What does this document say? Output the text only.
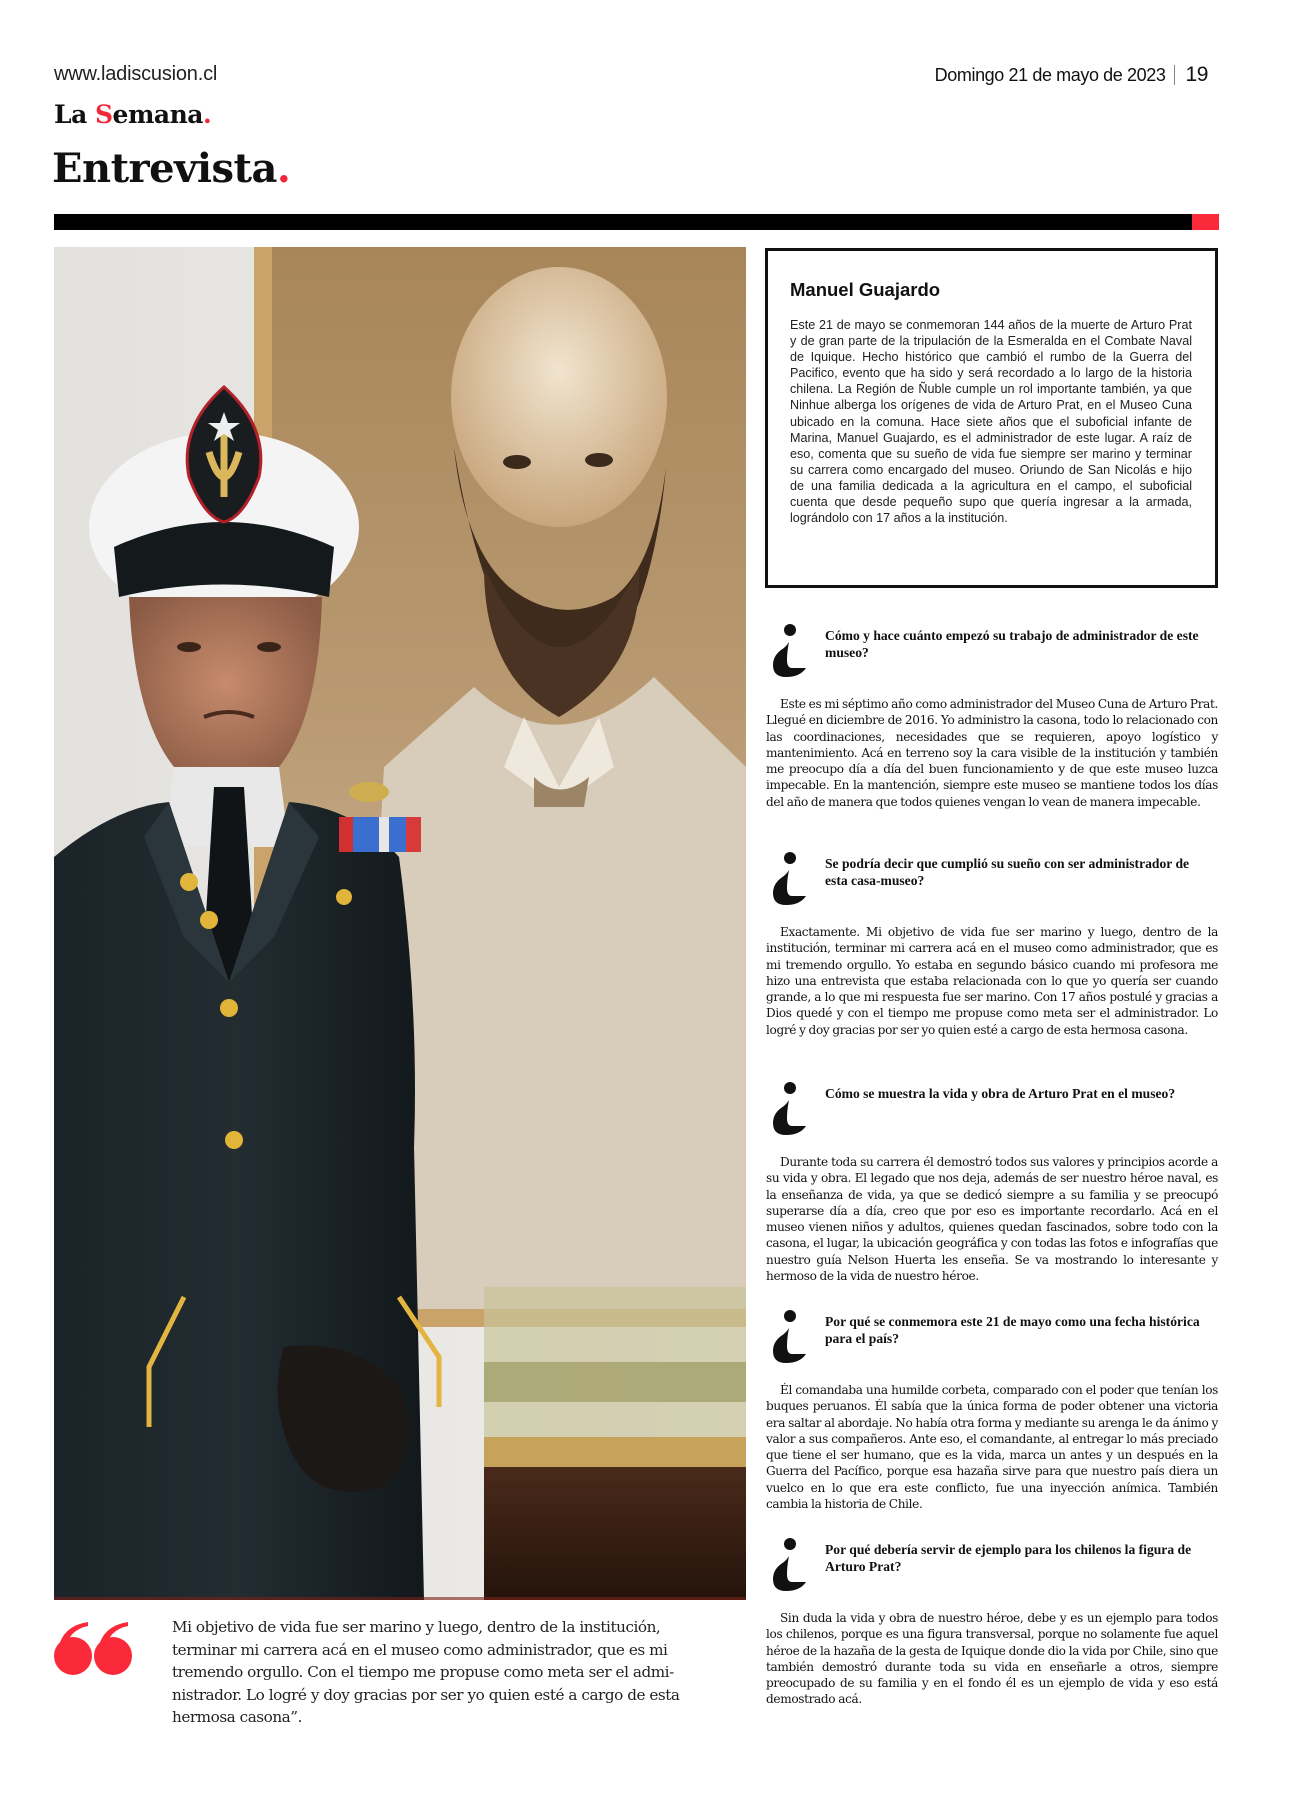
www.ladiscusion.cl
La Semana.
Entrevista.
Domingo 21 de mayo de 2023 19
Manuel Guajardo
Este 21 de mayo se conmemoran 144 años de la muerte de Arturo Prat y de gran parte de la tripulación de la Esmeralda en el Combate Naval de Iquique. Hecho histórico que cambió el rumbo de la Guerra del Pacifico, evento que ha sido y será recordado a lo largo de la historia chilena. La Región de Ñuble cumple un rol importante también, ya que Ninhue alberga los orígenes de vida de Arturo Prat, en el Museo Cuna ubicado en la comuna. Hace siete años que el suboficial infante de Marina, Manuel Guajardo, es el administrador de este lugar. A raíz de eso, comenta que su sueño de vida fue siempre ser marino y terminar su carrera como encargado del museo. Oriundo de San Nicolás e hijo de una familia dedicada a la agricultura en el campo, el suboficial cuenta que desde pequeño supo que quería ingresar a la armada, lográndolo con 17 años a la institución.
Cómo y hace cuánto empezó su trabajo de administrador de este museo?
Este es mi séptimo año como administrador del Museo Cuna de Arturo Prat. Llegué en diciembre de 2016. Yo administro la casona, todo lo relacionado con las coordinaciones, necesidades que se requieren, apoyo logístico y mantenimiento. Acá en terreno soy la cara visible de la institución y también me preocupo día a día del buen funcionamiento y de que este museo luzca impecable. En la mantención, siempre este museo se mantiene todos los días del año de manera que todos quienes vengan lo vean de manera impecable.
Se podría decir que cumplió su sueño con ser administrador de esta casa-museo?
Exactamente. Mi objetivo de vida fue ser marino y luego, dentro de la institución, terminar mi carrera acá en el museo como administrador, que es mi tremendo orgullo. Yo estaba en segundo básico cuando mi profesora me hizo una entrevista que estaba relacionada con lo que yo quería ser cuando grande, a lo que mi respuesta fue ser marino. Con 17 años postulé y gracias a Dios quedé y con el tiempo me propuse como meta ser el administrador. Lo logré y doy gracias por ser yo quien esté a cargo de esta hermosa casona.
Cómo se muestra la vida y obra de Arturo Prat en el museo?
Durante toda su carrera él demostró todos sus valores y principios acorde a su vida y obra. El legado que nos deja, además de ser nuestro héroe naval, es la enseñanza de vida, ya que se dedicó siempre a su familia y se preocupó superarse día a día, creo que por eso es importante recordarlo. Acá en el museo vienen niños y adultos, quienes quedan fascinados, sobre todo con la casona, el lugar, la ubicación geográfica y con todas las fotos e infografías que nuestro guía Nelson Huerta les enseña. Se va mostrando lo interesante y hermoso de la vida de nuestro héroe.
Por qué se conmemora este 21 de mayo como una fecha histórica para el país?
Él comandaba una humilde corbeta, comparado con el poder que tenían los buques peruanos. Él sabía que la única forma de poder obtener una victoria era saltar al abordaje. No había otra forma y mediante su arenga le da ánimo y valor a sus compañeros. Ante eso, el comandante, al entregar lo más preciado que tiene el ser humano, que es la vida, marca un antes y un después en la Guerra del Pacífico, porque esa hazaña sirve para que nuestro país diera un vuelco en lo que era este conflicto, fue una inyección anímica. También cambia la historia de Chile.
Por qué debería servir de ejemplo para los chilenos la figura de Arturo Prat?
Sin duda la vida y obra de nuestro héroe, debe y es un ejemplo para todos los chilenos, porque es una figura transversal, porque no solamente fue aquel héroe de la hazaña de la gesta de Iquique donde dio la vida por Chile, sino que también demostró durante toda su vida en enseñarle a otros, siempre preocupado de su familia y en el fondo él es un ejemplo de vida y eso está demostrado acá.
Mi objetivo de vida fue ser marino y luego, dentro de la institución, terminar mi carrera acá en el museo como administrador, que es mi tremendo orgullo. Con el tiempo me propuse como meta ser el administrador. Lo logré y doy gracias por ser yo quien esté a cargo de esta hermosa casona”.
